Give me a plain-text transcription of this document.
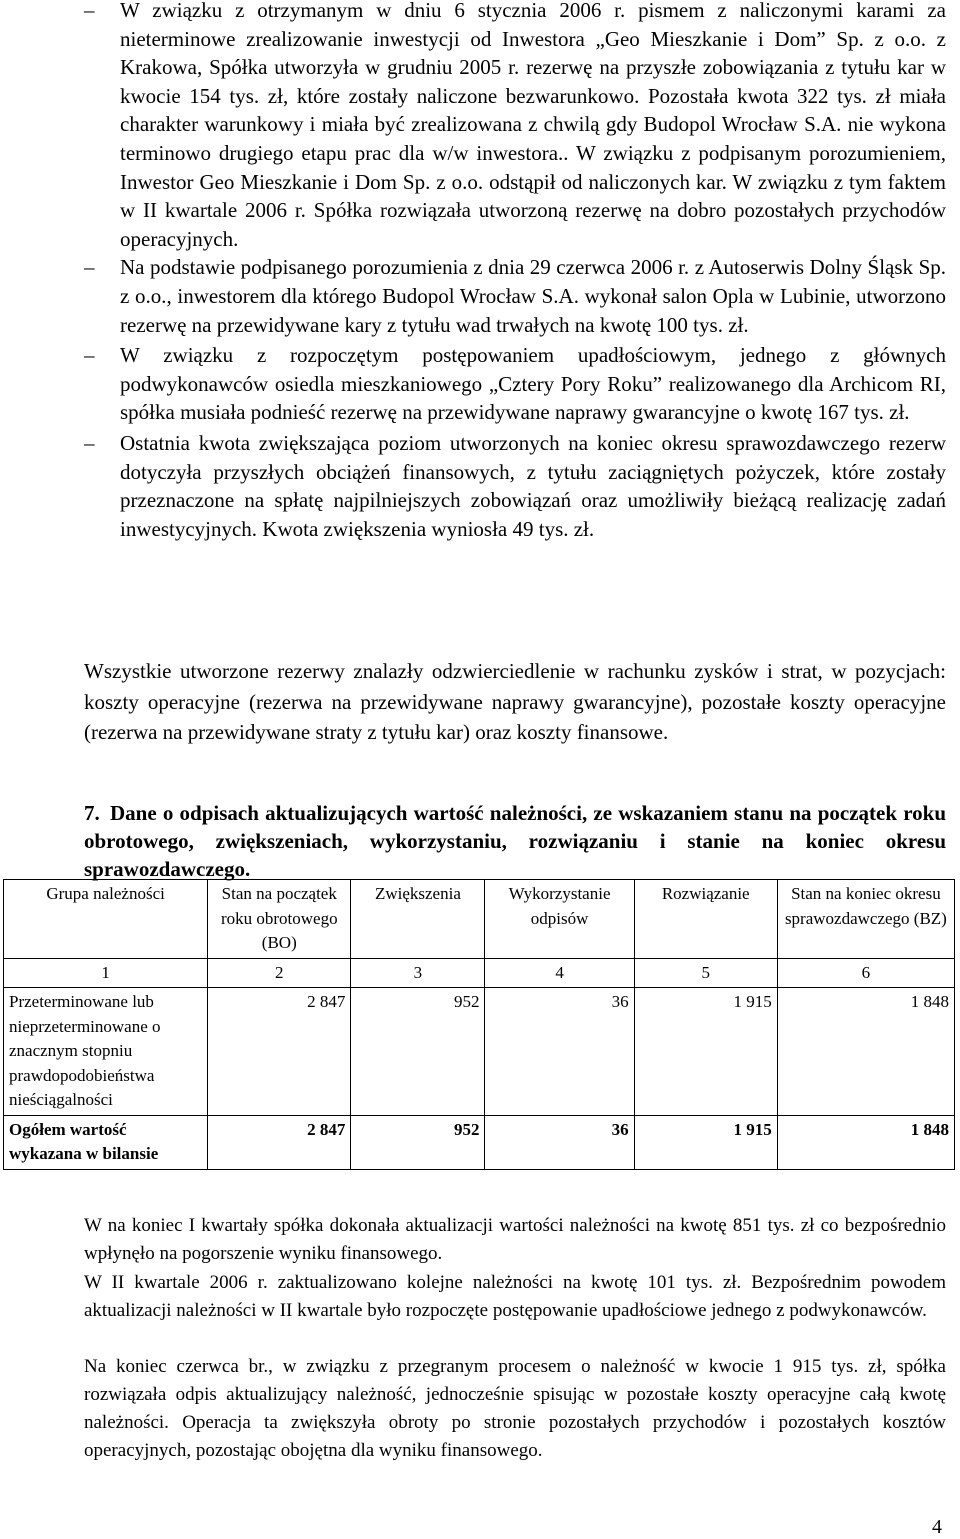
– W związku z otrzymanym w dniu 6 stycznia 2006 r. pismem z naliczonymi karami za nieterminowe zrealizowanie inwestycji od Inwestora „Geo Mieszkanie i Dom” Sp. z o.o. z Krakowa, Spółka utworzyła w grudniu 2005 r. rezerwę na przyszłe zobowiązania z tytułu kar w kwocie 154 tys. zł, które zostały naliczone bezwarunkowo. Pozostała kwota 322 tys. zł miała charakter warunkowy i miała być zrealizowana z chwilą gdy Budopol Wrocław S.A. nie wykona terminowo drugiego etapu prac dla w/w inwestora.. W związku z podpisanym porozumieniem, Inwestor Geo Mieszkanie i Dom Sp. z o.o. odstąpił od naliczonych kar. W związku z tym faktem w II kwartale 2006 r. Spółka rozwiązała utworzoną rezerwę na dobro pozostałych przychodów operacyjnych.
– Na podstawie podpisanego porozumienia z dnia 29 czerwca 2006 r. z Autoserwis Dolny Śląsk Sp. z o.o., inwestorem dla którego Budopol Wrocław S.A. wykonał salon Opla w Lubinie, utworzono rezerwę na przewidywane kary z tytułu wad trwałych na kwotę 100 tys. zł.
– W związku z rozpoczętym postępowaniem upadłościowym, jednego z głównych podwykonawców osiedla mieszkaniowego „Cztery Pory Roku” realizowanego dla Archicom RI, spółka musiała podnieść rezerwę na przewidywane naprawy gwarancyjne o kwotę 167 tys. zł.
– Ostatnia kwota zwiększająca poziom utworzonych na koniec okresu sprawozdawczego rezerw dotyczyła przyszłych obciążeń finansowych, z tytułu zaciągniętych pożyczek, które zostały przeznaczone na spłatę najpilniejszych zobowiązań oraz umożliwiły bieżącą realizację zadań inwestycyjnych. Kwota zwiększenia wyniosła 49 tys. zł.
Wszystkie utworzone rezerwy znalazły odzwierciedlenie w rachunku zysków i strat, w pozycjach: koszty operacyjne (rezerwa na przewidywane naprawy gwarancyjne), pozostałe koszty operacyjne (rezerwa na przewidywane straty z tytułu kar) oraz koszty finansowe.
7. Dane o odpisach aktualizujących wartość należności, ze wskazaniem stanu na początek roku obrotowego, zwiększeniach, wykorzystaniu, rozwiązaniu i stanie na koniec okresu sprawozdawczego.
Grupa należności	Stan na początek roku obrotowego (BO)	Zwiększenia	Wykorzystanie odpisów	Rozwiązanie	Stan na koniec okresu sprawozdawczego (BZ)
1	2	3	4	5	6
Przeterminowane lub nieprzeterminowane o znacznym stopniu prawdopodobieństwa nieściągalności	2 847	952	36	1 915	1 848
Ogółem wartość wykazana w bilansie	2 847	952	36	1 915	1 848
W na koniec I kwartały spółka dokonała aktualizacji wartości należności na kwotę 851 tys. zł co bezpośrednio wpłynęło na pogorszenie wyniku finansowego.
W II kwartale 2006 r. zaktualizowano kolejne należności na kwotę 101 tys. zł. Bezpośrednim powodem aktualizacji należności w II kwartale było rozpoczęte postępowanie upadłościowe jednego z podwykonawców.
Na koniec czerwca br., w związku z przegranym procesem o należność w kwocie 1 915 tys. zł, spółka rozwiązała odpis aktualizujący należność, jednocześnie spisując w pozostałe koszty operacyjne całą kwotę należności. Operacja ta zwiększyła obroty po stronie pozostałych przychodów i pozostałych kosztów operacyjnych, pozostając obojętna dla wyniku finansowego.
4
